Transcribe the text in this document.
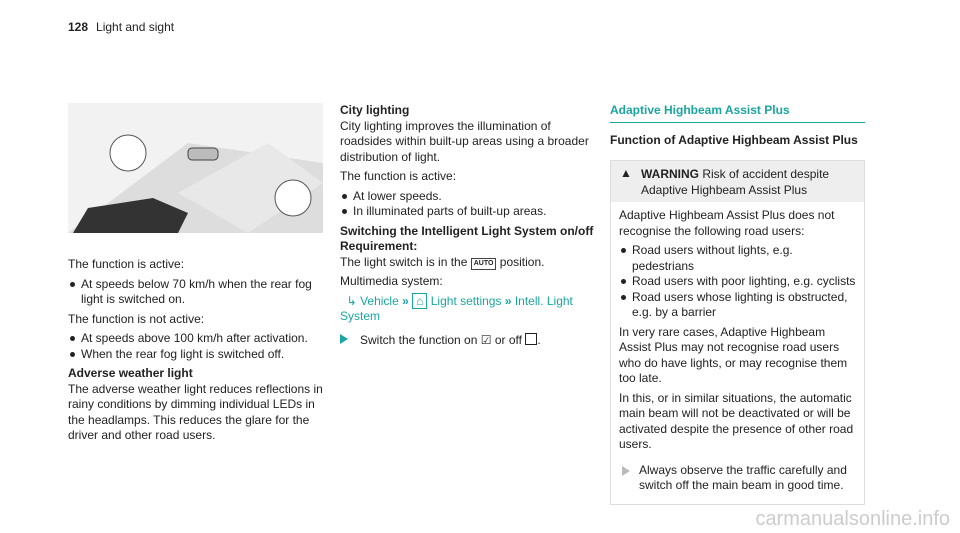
128 Light and sight

The function is active:

At speeds below 70 km/h when the rear fog light is switched on.

The function is not active:

At speeds above 100 km/h after activation.
When the rear fog light is switched off.
Adverse weather light

The adverse weather light reduces reflections in rainy conditions by dimming individual LEDs in the headlamps. This reduces the glare for the driver and other road users.

City lighting

City lighting improves the illumination of roadsides within built-up areas using a broader distribution of light.

The function is active:

At lower speeds.
In illuminated parts of built-up areas.
Switching the Intelligent Light System on/off
Requirement:

The light switch is in the AUTO position.

Multimedia system:

↳ Vehicle » ⌂ Light settings » Intell. Light System

Switch the function on ☑ or off .

Adaptive Highbeam Assist Plus
Function of Adaptive Highbeam Assist Plus
▲ WARNING Risk of accident despite Adaptive Highbeam Assist Plus

Adaptive Highbeam Assist Plus does not recognise the following road users:

Road users without lights, e.g. pedestrians
Road users with poor lighting, e.g. cyclists
Road users whose lighting is obstructed, e.g. by a barrier

In very rare cases, Adaptive Highbeam Assist Plus may not recognise road users who do have lights, or may recognise them too late.

In this, or in similar situations, the automatic main beam will not be deactivated or will be activated despite the presence of other road users.

Always observe the traffic carefully and switch off the main beam in good time.

carmanualsonline.info
